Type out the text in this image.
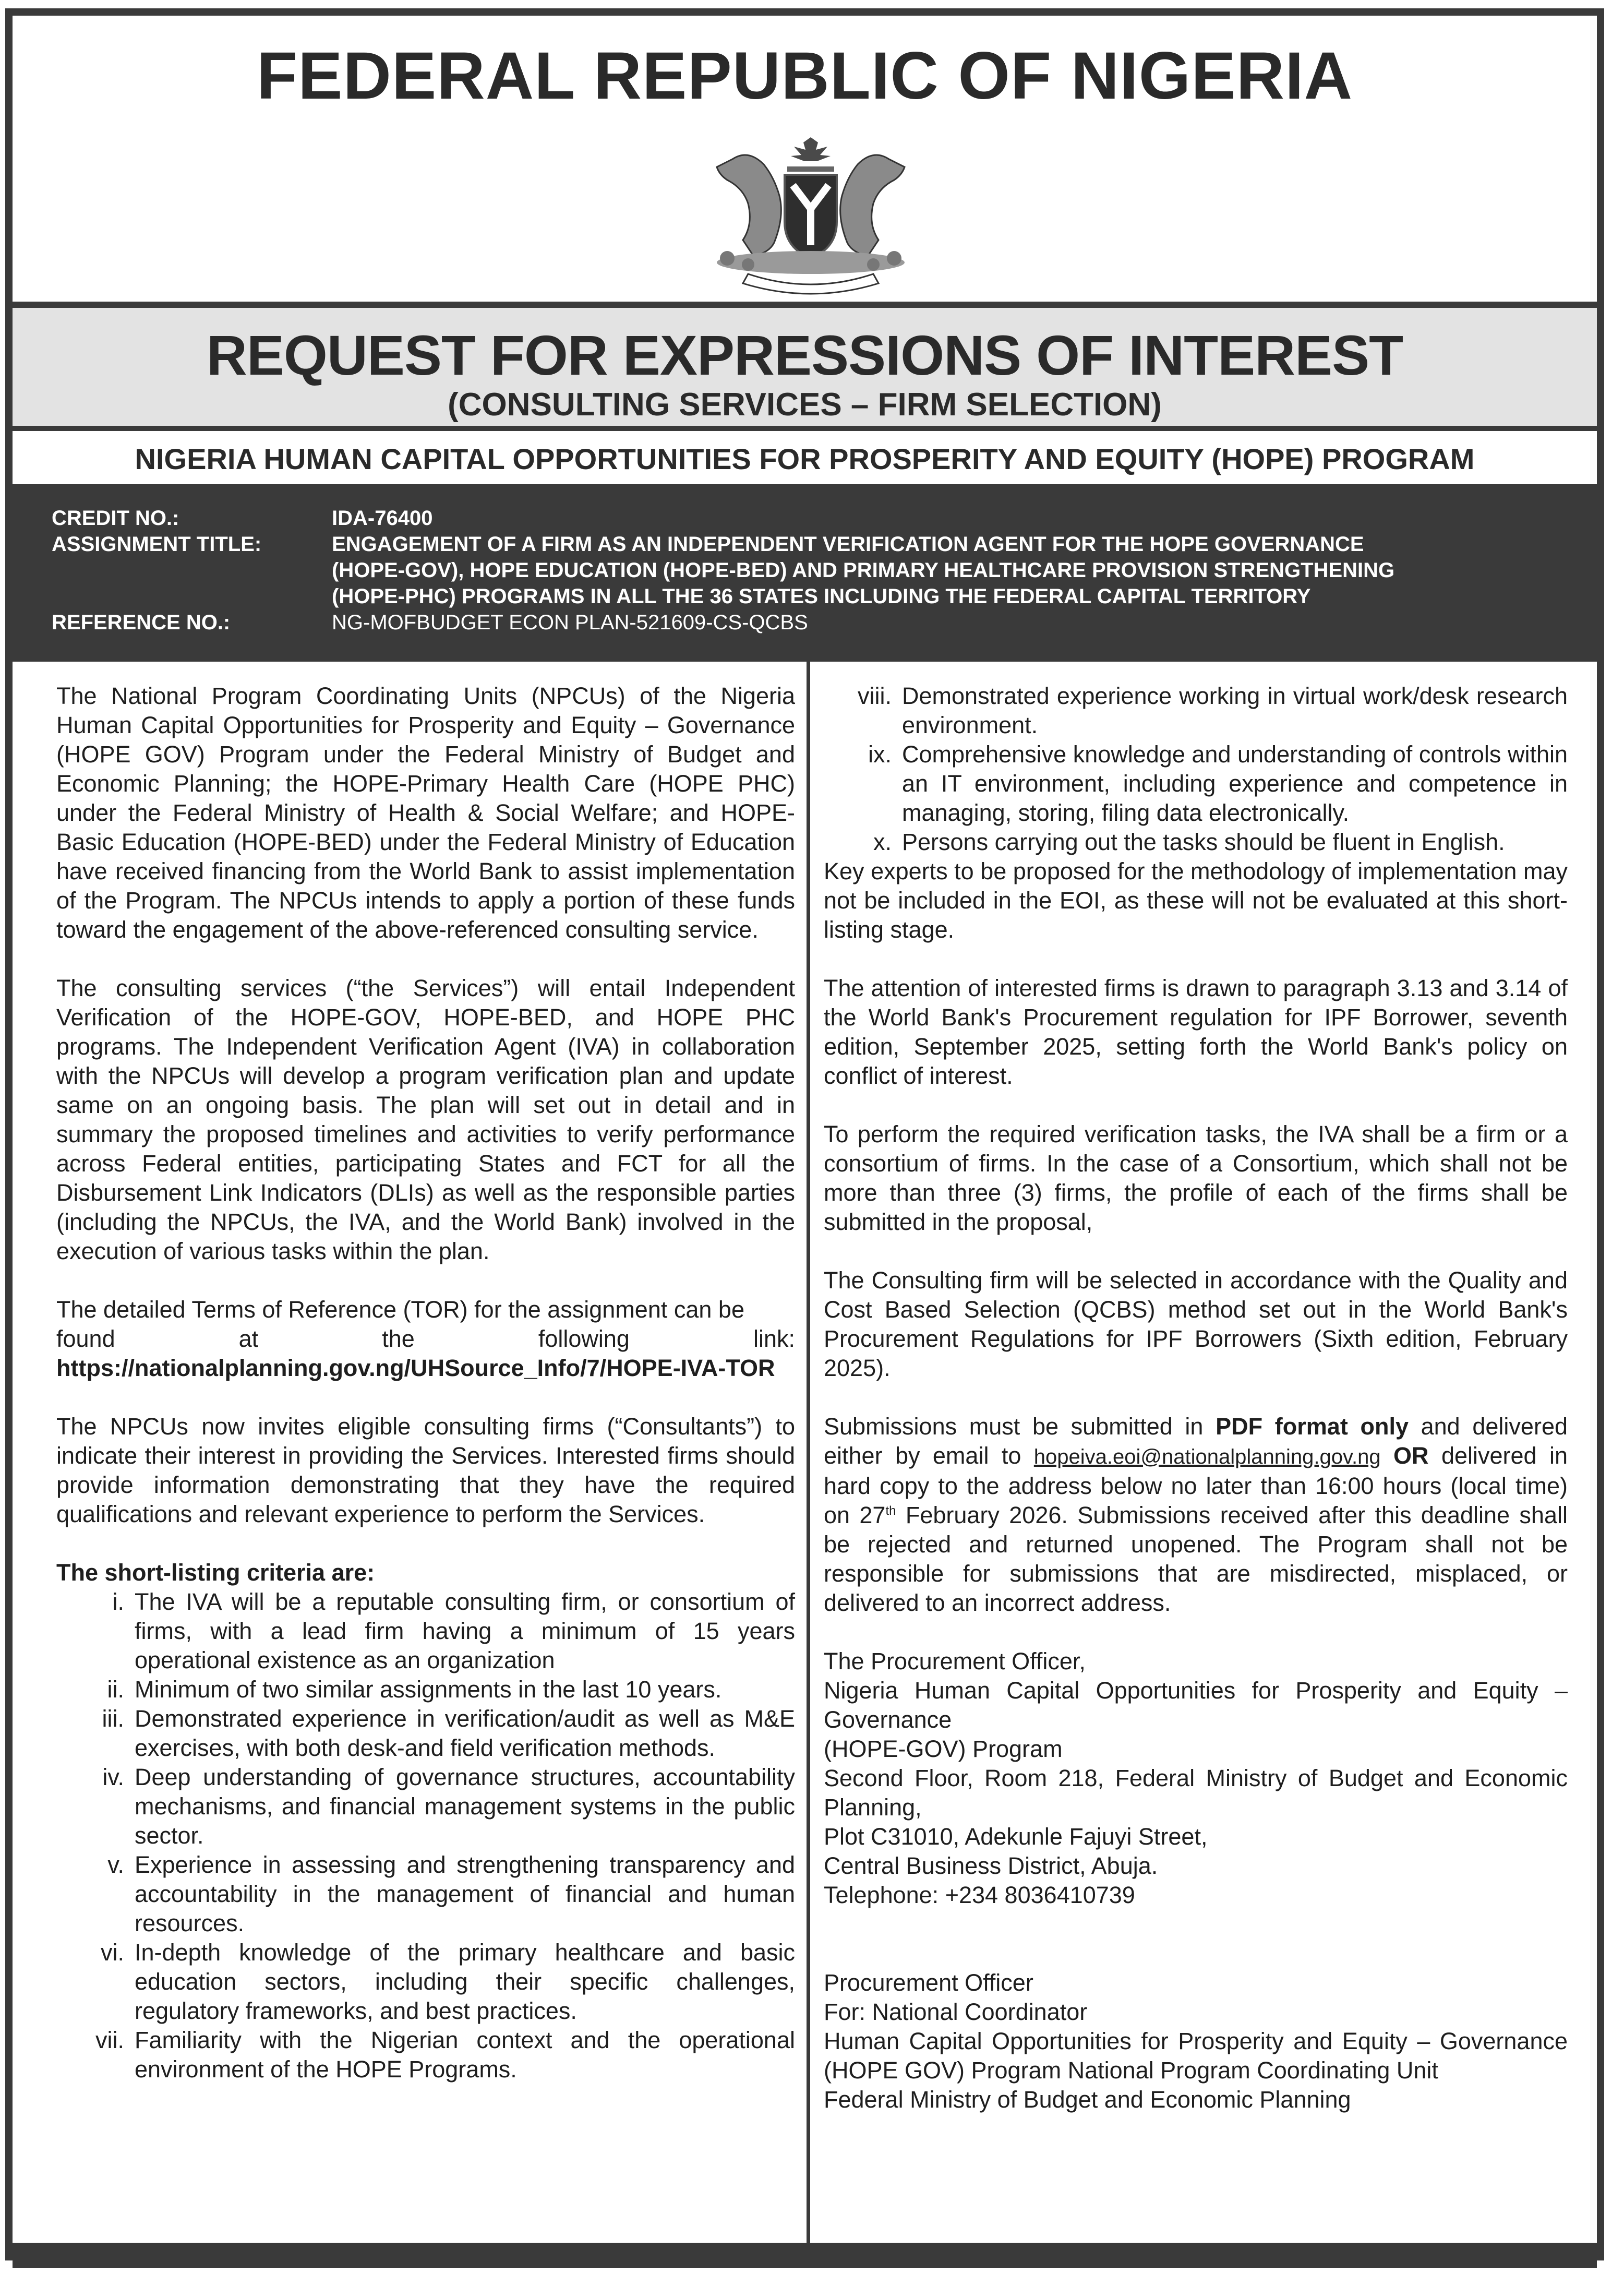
FEDERAL REPUBLIC OF NIGERIA
REQUEST FOR EXPRESSIONS OF INTEREST
(CONSULTING SERVICES – FIRM SELECTION)
NIGERIA HUMAN CAPITAL OPPORTUNITIES FOR PROSPERITY AND EQUITY (HOPE) PROGRAM
CREDIT NO.:	IDA-76400
ASSIGNMENT TITLE:	ENGAGEMENT OF A FIRM AS AN INDEPENDENT VERIFICATION AGENT FOR THE HOPE GOVERNANCE
(HOPE-GOV), HOPE EDUCATION (HOPE-BED) AND PRIMARY HEALTHCARE PROVISION STRENGTHENING
(HOPE-PHC) PROGRAMS IN ALL THE 36 STATES INCLUDING THE FEDERAL CAPITAL TERRITORY
REFERENCE NO.:	NG-MOFBUDGET ECON PLAN-521609-CS-QCBS

The National Program Coordinating Units (NPCUs) of the Nigeria Human Capital Opportunities for Prosperity and Equity – Governance (HOPE GOV) Program under the Federal Ministry of Budget and Economic Planning; the HOPE-Primary Health Care (HOPE PHC) under the Federal Ministry of Health & Social Welfare; and HOPE-Basic Education (HOPE-BED) under the Federal Ministry of Education have received financing from the World Bank to assist implementation of the Program. The NPCUs intends to apply a portion of these funds toward the engagement of the above-referenced consulting service.

The consulting services (“the Services”) will entail Independent Verification of the HOPE-GOV, HOPE-BED, and HOPE PHC programs. The Independent Verification Agent (IVA) in collaboration with the NPCUs will develop a program verification plan and update same on an ongoing basis. The plan will set out in detail and in summary the proposed timelines and activities to verify performance across Federal entities, participating States and FCT for all the Disbursement Link Indicators (DLIs) as well as the responsible parties (including the NPCUs, the IVA, and the World Bank) involved in the execution of various tasks within the plan.

The detailed Terms of Reference (TOR) for the assignment can be
found at the following link:
https://nationalplanning.gov.ng/UHSource_Info/7/HOPE-IVA-TOR

The NPCUs now invites eligible consulting firms (“Consultants”) to indicate their interest in providing the Services. Interested firms should provide information demonstrating that they have the required qualifications and relevant experience to perform the Services.

The short-listing criteria are:

i. The IVA will be a reputable consulting firm, or consortium of firms, with a lead firm having a minimum of 15 years operational existence as an organization
ii. Minimum of two similar assignments in the last 10 years.
iii. Demonstrated experience in verification/audit as well as M&E exercises, with both desk-and field verification methods.
iv. Deep understanding of governance structures, accountability mechanisms, and financial management systems in the public sector.
v. Experience in assessing and strengthening transparency and accountability in the management of financial and human resources.
vi. In-depth knowledge of the primary healthcare and basic education sectors, including their specific challenges, regulatory frameworks, and best practices.
vii. Familiarity with the Nigerian context and the operational environment of the HOPE Programs.
viii. Demonstrated experience working in virtual work/desk research environment.
ix. Comprehensive knowledge and understanding of controls within an IT environment, including experience and competence in managing, storing, filing data electronically.
x. Persons carrying out the tasks should be fluent in English.

Key experts to be proposed for the methodology of implementation may not be included in the EOI, as these will not be evaluated at this short-listing stage.

The attention of interested firms is drawn to paragraph 3.13 and 3.14 of the World Bank's Procurement regulation for IPF Borrower, seventh edition, September 2025, setting forth the World Bank's policy on conflict of interest.

To perform the required verification tasks, the IVA shall be a firm or a consortium of firms. In the case of a Consortium, which shall not be more than three (3) firms, the profile of each of the firms shall be submitted in the proposal,

The Consulting firm will be selected in accordance with the Quality and Cost Based Selection (QCBS) method set out in the World Bank's Procurement Regulations for IPF Borrowers (Sixth edition, February 2025).

Submissions must be submitted in PDF format only and delivered either by email to hopeiva.eoi@nationalplanning.gov.ng OR delivered in hard copy to the address below no later than 16:00 hours (local time) on 27th February 2026. Submissions received after this deadline shall be rejected and returned unopened. The Program shall not be responsible for submissions that are misdirected, misplaced, or delivered to an incorrect address.

The Procurement Officer,
Nigeria Human Capital Opportunities for Prosperity and Equity – Governance
(HOPE-GOV) Program
Second Floor, Room 218, Federal Ministry of Budget and Economic Planning,
Plot C31010, Adekunle Fajuyi Street,
Central Business District, Abuja.
Telephone: +234 8036410739
Procurement Officer
For: National Coordinator
Human Capital Opportunities for Prosperity and Equity – Governance (HOPE GOV) Program National Program Coordinating Unit
Federal Ministry of Budget and Economic Planning
